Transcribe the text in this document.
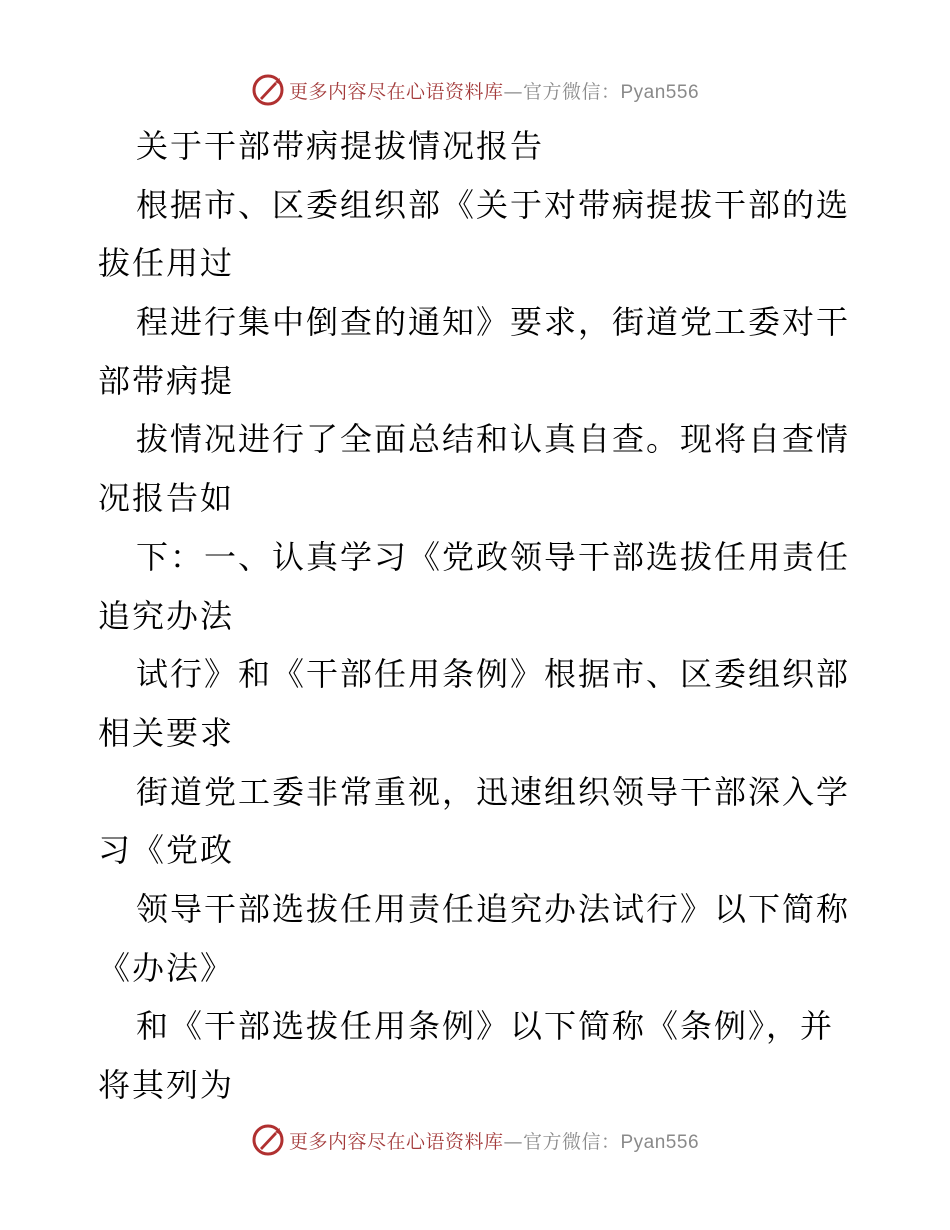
更多内容尽在心语资料库—官方微信：Pyan556
关于干部带病提拔情况报告
根据市、区委组织部《关于对带病提拔干部的选
拔任用过
程进行集中倒查的通知》要求，街道党工委对干
部带病提
拔情况进行了全面总结和认真自查。现将自查情
况报告如
下：一、认真学习《党政领导干部选拔任用责任
追究办法
试行》和《干部任用条例》根据市、区委组织部
相关要求
街道党工委非常重视，迅速组织领导干部深入学
习《党政
领导干部选拔任用责任追究办法试行》以下简称
《办法》
和《干部选拔任用条例》以下简称《条例》，并
将其列为
更多内容尽在心语资料库—官方微信：Pyan556
